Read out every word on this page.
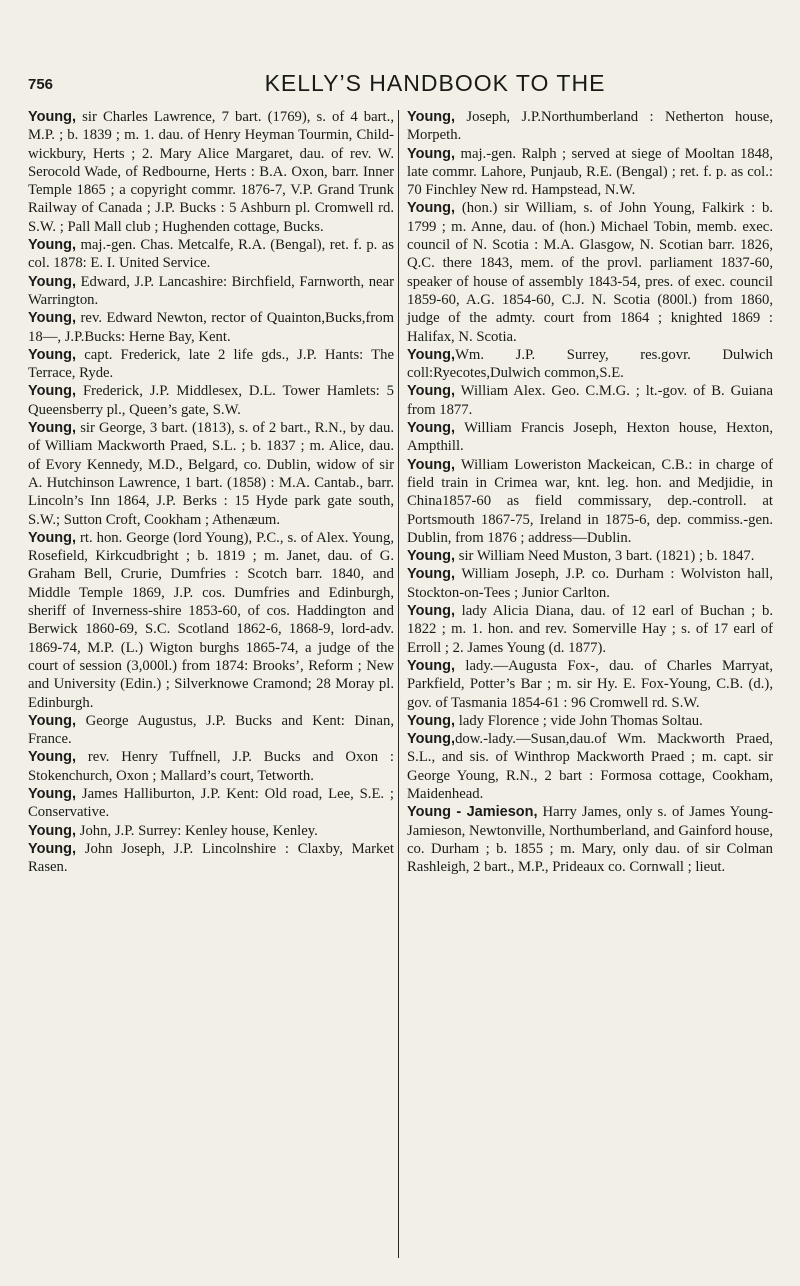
756	KELLY’S HANDBOOK TO THE

Young, sir Charles Lawrence, 7 bart. (1769), s. of 4 bart., M.P. ; b. 1839 ; m. 1. dau. of Henry Heyman Tourmin, Child-wickbury, Herts ; 2. Mary Alice Margaret, dau. of rev. W. Serocold Wade, of Redbourne, Herts : B.A. Oxon, barr. Inner Temple 1865 ; a copyright commr. 1876-7, V.P. Grand Trunk Railway of Canada ; J.P. Bucks : 5 Ashburn pl. Cromwell rd. S.W. ; Pall Mall club ; Hughenden cottage, Bucks.

Young, maj.-gen. Chas. Metcalfe, R.A. (Bengal), ret. f. p. as col. 1878: E. I. United Service.

Young, Edward, J.P. Lancashire: Birchfield, Farnworth, near Warrington.

Young, rev. Edward Newton, rector of Quainton,Bucks,from 18—, J.P.Bucks: Herne Bay, Kent.

Young, capt. Frederick, late 2 life gds., J.P. Hants: The Terrace, Ryde.

Young, Frederick, J.P. Middlesex, D.L. Tower Hamlets: 5 Queensberry pl., Queen’s gate, S.W.

Young, sir George, 3 bart. (1813), s. of 2 bart., R.N., by dau. of William Mackworth Praed, S.L. ; b. 1837 ; m. Alice, dau. of Evory Kennedy, M.D., Belgard, co. Dublin, widow of sir A. Hutchinson Lawrence, 1 bart. (1858) : M.A. Cantab., barr. Lincoln’s Inn 1864, J.P. Berks : 15 Hyde park gate south, S.W.; Sutton Croft, Cookham ; Athenæum.

Young, rt. hon. George (lord Young), P.C., s. of Alex. Young, Rosefield, Kirkcudbright ; b. 1819 ; m. Janet, dau. of G. Graham Bell, Crurie, Dumfries : Scotch barr. 1840, and Middle Temple 1869, J.P. cos. Dumfries and Edinburgh, sheriff of Inverness-shire 1853-60, of cos. Haddington and Berwick 1860-69, S.C. Scotland 1862-6, 1868-9, lord-adv. 1869-74, M.P. (L.) Wigton burghs 1865-74, a judge of the court of session (3,000l.) from 1874: Brooks’, Reform ; New and University (Edin.) ; Silverknowe Cramond; 28 Moray pl. Edinburgh.

Young, George Augustus, J.P. Bucks and Kent: Dinan, France.

Young, rev. Henry Tuffnell, J.P. Bucks and Oxon : Stokenchurch, Oxon ; Mallard’s court, Tetworth.

Young, James Halliburton, J.P. Kent: Old road, Lee, S.E. ; Conservative.

Young, John, J.P. Surrey: Kenley house, Kenley.

Young, John Joseph, J.P. Lincolnshire : Claxby, Market Rasen.

Young, Joseph, J.P.Northumberland : Netherton house, Morpeth.

Young, maj.-gen. Ralph ; served at siege of Mooltan 1848, late commr. Lahore, Punjaub, R.E. (Bengal) ; ret. f. p. as col.: 70 Finchley New rd. Hampstead, N.W.

Young, (hon.) sir William, s. of John Young, Falkirk : b. 1799 ; m. Anne, dau. of (hon.) Michael Tobin, memb. exec. council of N. Scotia : M.A. Glasgow, N. Scotian barr. 1826, Q.C. there 1843, mem. of the provl. parliament 1837-60, speaker of house of assembly 1843-54, pres. of exec. council 1859-60, A.G. 1854-60, C.J. N. Scotia (800l.) from 1860, judge of the admty. court from 1864 ; knighted 1869 : Halifax, N. Scotia.

Young,Wm. J.P. Surrey, res.govr. Dulwich coll:Ryecotes,Dulwich common,S.E.

Young, William Alex. Geo. C.M.G. ; lt.-gov. of B. Guiana from 1877.

Young, William Francis Joseph, Hexton house, Hexton, Ampthill.

Young, William Loweriston Mackeican, C.B.: in charge of field train in Crimea war, knt. leg. hon. and Medjidie, in China1857-60 as field commissary, dep.-controll. at Portsmouth 1867-75, Ireland in 1875-6, dep. commiss.-gen. Dublin, from 1876 ; address—Dublin.

Young, sir William Need Muston, 3 bart. (1821) ; b. 1847.

Young, William Joseph, J.P. co. Durham : Wolviston hall, Stockton-on-Tees ; Junior Carlton.

Young, lady Alicia Diana, dau. of 12 earl of Buchan ; b. 1822 ; m. 1. hon. and rev. Somerville Hay ; s. of 17 earl of Erroll ; 2. James Young (d. 1877).

Young, lady.—Augusta Fox-, dau. of Charles Marryat, Parkfield, Potter’s Bar ; m. sir Hy. E. Fox-Young, C.B. (d.), gov. of Tasmania 1854-61 : 96 Cromwell rd. S.W.

Young, lady Florence ; vide John Thomas Soltau.

Young,dow.-lady.—Susan,dau.of Wm. Mackworth Praed, S.L., and sis. of Winthrop Mackworth Praed ; m. capt. sir George Young, R.N., 2 bart : Formosa cottage, Cookham, Maidenhead.

Young - Jamieson, Harry James, only s. of James Young-Jamieson, Newtonville, Northumberland, and Gainford house, co. Durham ; b. 1855 ; m. Mary, only dau. of sir Colman Rashleigh, 2 bart., M.P., Prideaux co. Cornwall ; lieut.
